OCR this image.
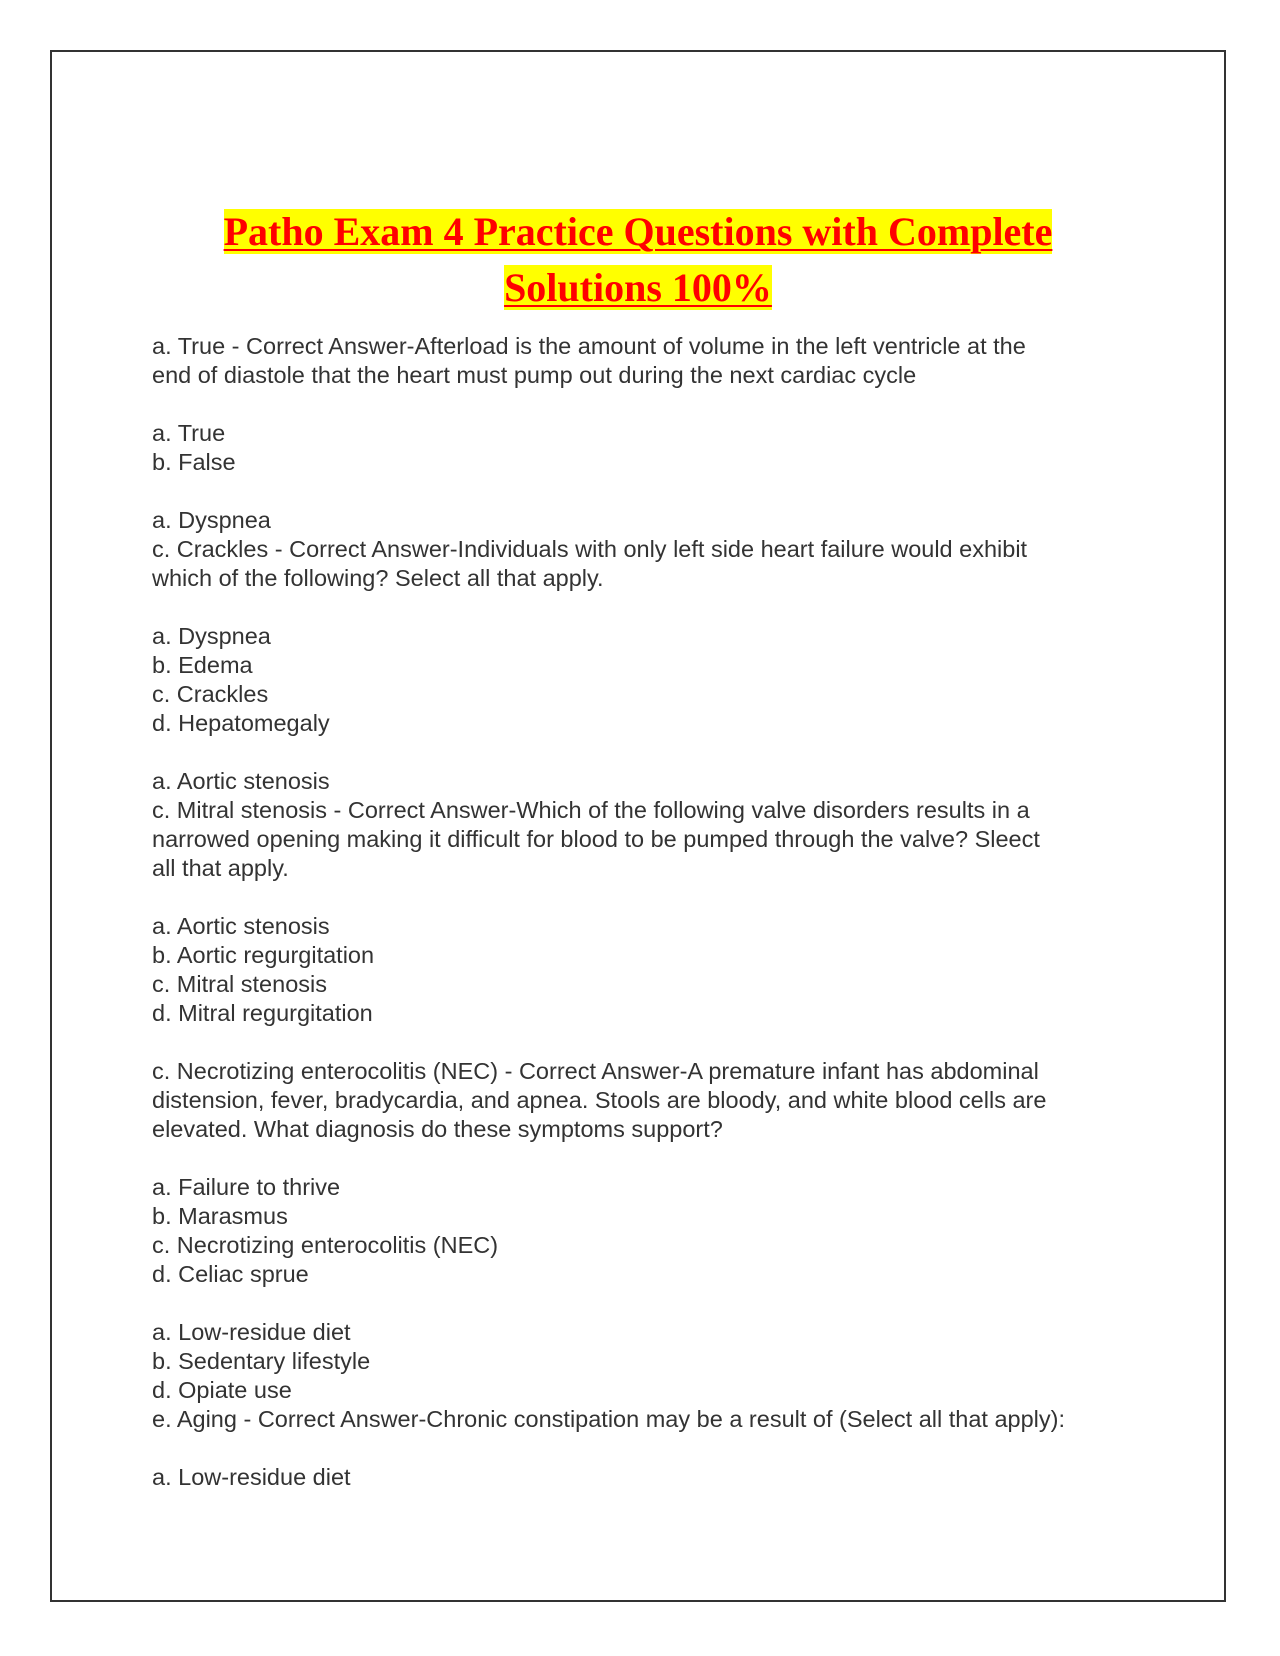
Patho Exam 4 Practice Questions with Complete
Solutions 100%
a. True - Correct Answer-Afterload is the amount of volume in the left ventricle at the
end of diastole that the heart must pump out during the next cardiac cycle
a. True
b. False
a. Dyspnea
c. Crackles - Correct Answer-Individuals with only left side heart failure would exhibit
which of the following? Select all that apply.
a. Dyspnea
b. Edema
c. Crackles
d. Hepatomegaly
a. Aortic stenosis
c. Mitral stenosis - Correct Answer-Which of the following valve disorders results in a
narrowed opening making it difficult for blood to be pumped through the valve? Sleect
all that apply.
a. Aortic stenosis
b. Aortic regurgitation
c. Mitral stenosis
d. Mitral regurgitation
c. Necrotizing enterocolitis (NEC) - Correct Answer-A premature infant has abdominal
distension, fever, bradycardia, and apnea. Stools are bloody, and white blood cells are
elevated. What diagnosis do these symptoms support?
a. Failure to thrive
b. Marasmus
c. Necrotizing enterocolitis (NEC)
d. Celiac sprue
a. Low-residue diet
b. Sedentary lifestyle
d. Opiate use
e. Aging - Correct Answer-Chronic constipation may be a result of (Select all that apply):
a. Low-residue diet
